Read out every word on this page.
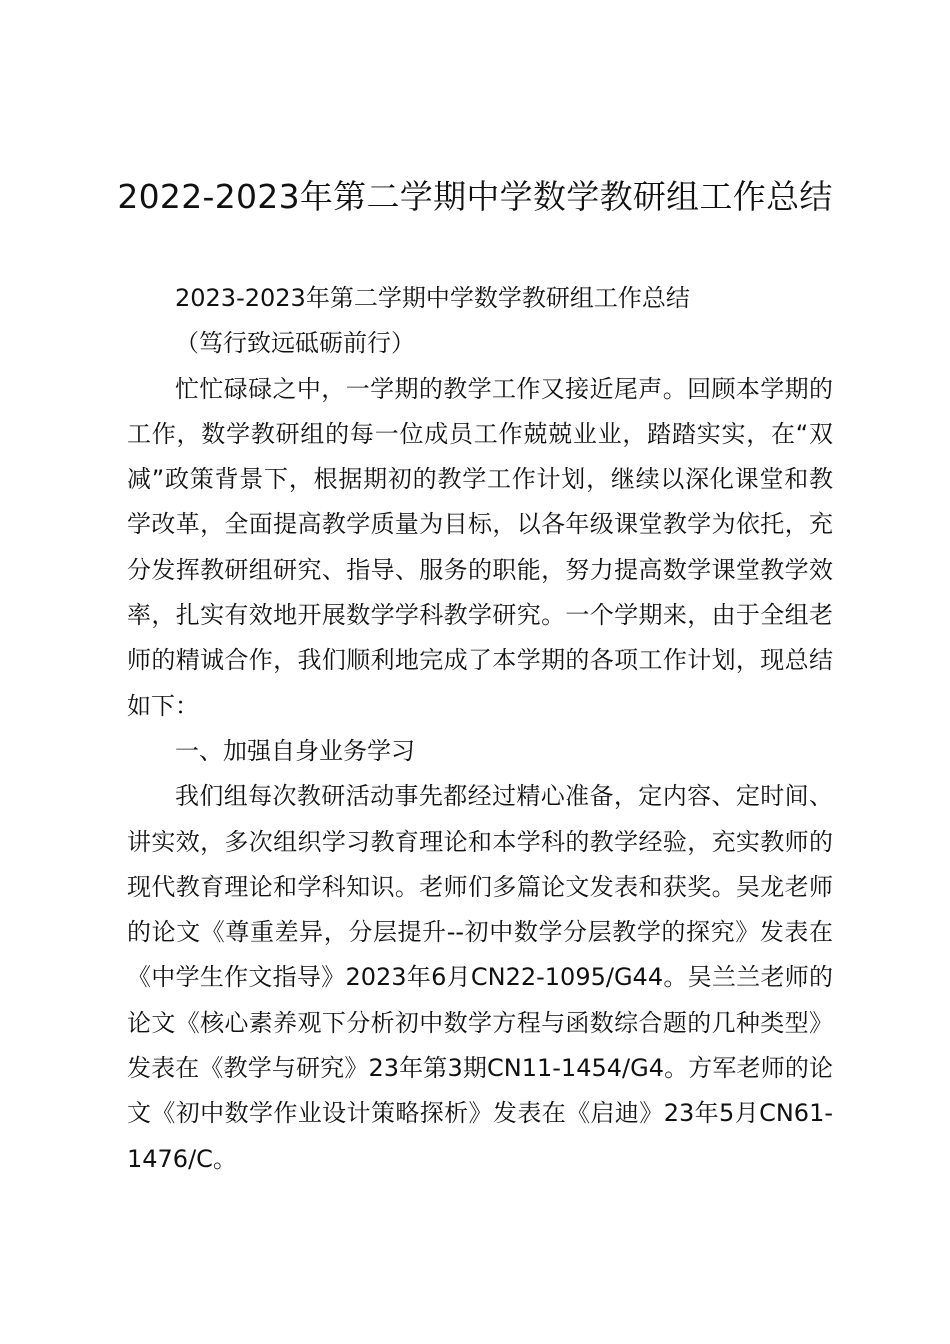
2022-2023年第二学期中学数学教研组工作总结

2023-2023年第二学期中学数学教研组工作总结

（笃行致远砥砺前行）

忙忙碌碌之中，一学期的教学工作又接近尾声。回顾本学期的工作，数学教研组的每一位成员工作兢兢业业，踏踏实实，在“双减”政策背景下，根据期初的教学工作计划，继续以深化课堂和教学改革，全面提高教学质量为目标，以各年级课堂教学为依托，充分发挥教研组研究、指导、服务的职能，努力提高数学课堂教学效率，扎实有效地开展数学学科教学研究。一个学期来，由于全组老师的精诚合作，我们顺利地完成了本学期的各项工作计划，现总结如下：

一、加强自身业务学习

我们组每次教研活动事先都经过精心准备，定内容、定时间、讲实效，多次组织学习教育理论和本学科的教学经验，充实教师的现代教育理论和学科知识。老师们多篇论文发表和获奖。吴龙老师的论文《尊重差异，分层提升--初中数学分层教学的探究》发表在《中学生作文指导》2023年6月CN22-1095/G44。吴兰兰老师的论文《核心素养观下分析初中数学方程与函数综合题的几种类型》发表在《教学与研究》23年第3期CN11-1454/G4。方军老师的论文《初中数学作业设计策略探析》发表在《启迪》23年5月CN61-1476/C。
